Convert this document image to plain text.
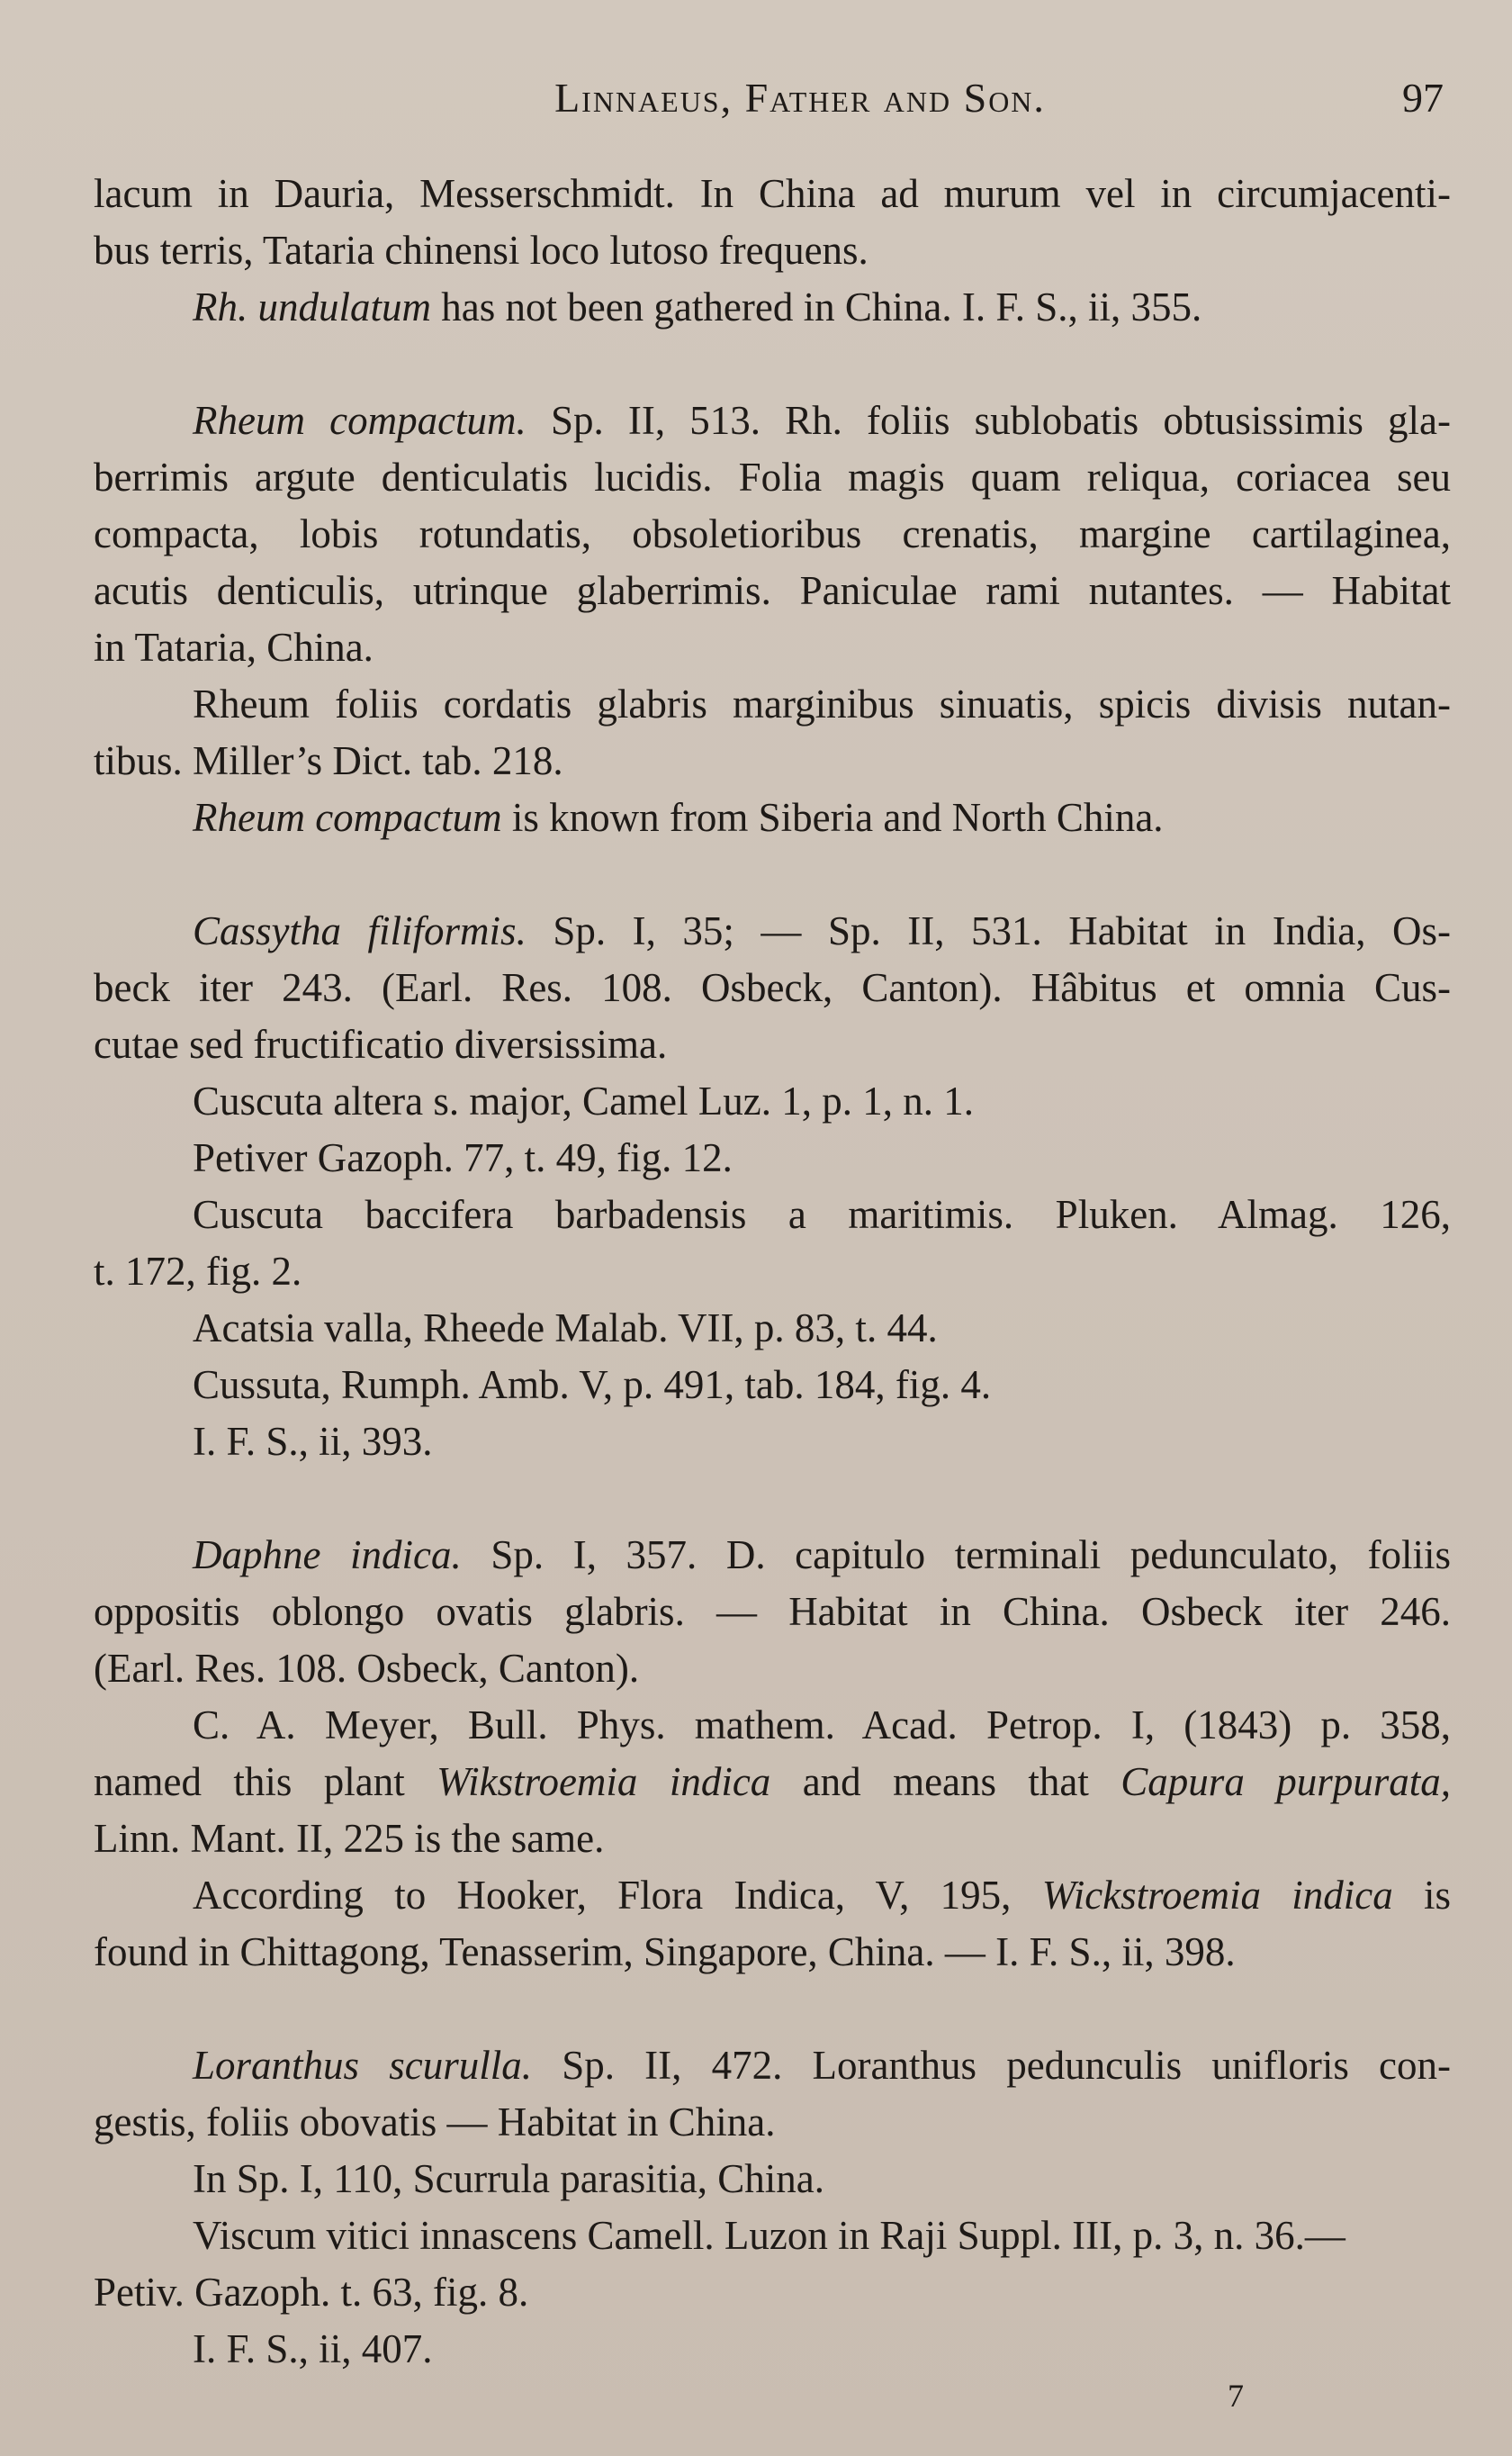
Linnaeus, Father and Son.	97
lacum in Dauria, Messerschmidt. In China ad murum vel in circumjacenti-
bus terris, Tataria chinensi loco lutoso frequens.
Rh. undulatum has not been gathered in China. I. F. S., ii, 355.
Rheum compactum. Sp. II, 513. Rh. foliis sublobatis obtusissimis gla-
berrimis argute denticulatis lucidis. Folia magis quam reliqua, coriacea seu
compacta, lobis rotundatis, obsoletioribus crenatis, margine cartilaginea,
acutis denticulis, utrinque glaberrimis. Paniculae rami nutantes. — Habitat
in Tataria, China.
Rheum foliis cordatis glabris marginibus sinuatis, spicis divisis nutan-
tibus. Miller’s Dict. tab. 218.
Rheum compactum is known from Siberia and North China.
Cassytha filiformis. Sp. I, 35; — Sp. II, 531. Habitat in India, Os-
beck iter 243. (Earl. Res. 108. Osbeck, Canton). Hâbitus et omnia Cus-
cutae sed fructificatio diversissima.
Cuscuta altera s. major, Camel Luz. 1, p. 1, n. 1.
Petiver Gazoph. 77, t. 49, fig. 12.
Cuscuta baccifera barbadensis a maritimis. Pluken. Almag. 126,
t. 172, fig. 2.
Acatsia valla, Rheede Malab. VII, p. 83, t. 44.
Cussuta, Rumph. Amb. V, p. 491, tab. 184, fig. 4.
I. F. S., ii, 393.
Daphne indica. Sp. I, 357. D. capitulo terminali pedunculato, foliis
oppositis oblongo ovatis glabris. — Habitat in China. Osbeck iter 246.
(Earl. Res. 108. Osbeck, Canton).
C. A. Meyer, Bull. Phys. mathem. Acad. Petrop. I, (1843) p. 358,
named this plant Wikstroemia indica and means that Capura purpurata,
Linn. Mant. II, 225 is the same.
According to Hooker, Flora Indica, V, 195, Wickstroemia indica is
found in Chittagong, Tenasserim, Singapore, China. — I. F. S., ii, 398.
Loranthus scurulla. Sp. II, 472. Loranthus pedunculis unifloris con-
gestis, foliis obovatis — Habitat in China.
In Sp. I, 110, Scurrula parasitia, China.
Viscum vitici innascens Camell. Luzon in Raji Suppl. III, p. 3, n. 36.—
Petiv. Gazoph. t. 63, fig. 8.
I. F. S., ii, 407.
7
